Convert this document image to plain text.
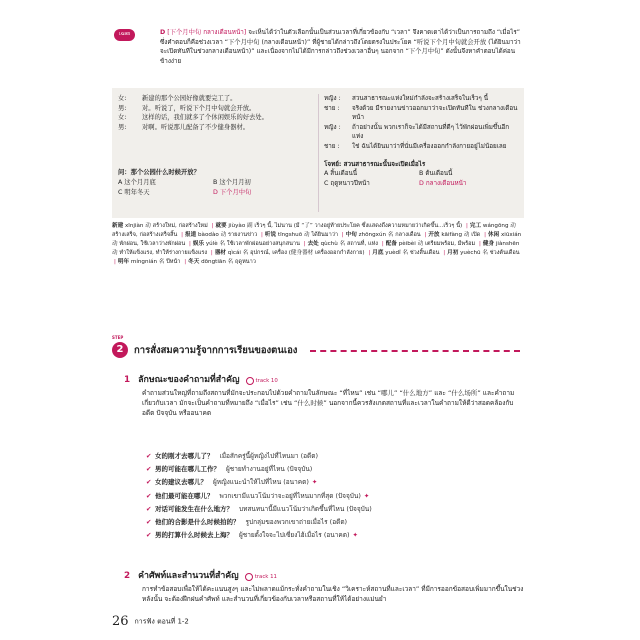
เฉลย	D [下个月中旬 กลางเดือนหน้า] จะเห็นได้ว่าในตัวเลือกนั้นเป็นส่วนเวลาที่เกี่ยวข้องกับ “เวลา” จึงคาดเดาได้ว่าเป็นการถามถึง “เมื่อไร” ซึ่งคำตอบก็คือช่วงเวลา “下个月中旬 (กลางเดือนหน้า)” ที่ผู้ชายได้กล่าวถึงโดยตรงในประโยค “听说下个月中旬就会开放 (ได้ยินมาว่าจะเปิดทันทีในช่วงกลางเดือนหน้า)” และเนื่องจากไม่ได้มีการกล่าวถึงช่วงเวลาอื่นๆ นอกจาก “下个月中旬” ดังนั้นจึงหาคำตอบได้ค่อนข้างง่าย
女:	新建的那个公园好像就要完工了。
男:	对。听说了，听说下个月中旬就会开放。
女:	这样的话，我们就多了个休闲娱乐的好去处。
男:	对啊。听说那儿配备了不少健身器材。
问：那个公园什么时候开放？
A 这个月月底	B 这个月月初
C 明年冬天	D 下个月中旬
หญิง :	สวนสาธารณะแห่งใหม่กำลังจะสร้างเสร็จในเร็วๆ นี้
ชาย :	จริงด้วย มีรายงานข่าวออกมาว่าจะเปิดทันทีใน ช่วงกลางเดือนหน้า
หญิง :	ถ้าอย่างนั้น พวกเราก็จะได้มีสถานที่ดีๆ ไว้พักผ่อนเพิ่มขึ้นอีกแห่ง
ชาย :	ใช่ ฉันได้ยินมาว่าที่นั่นมีเครื่องออกกำลังกายอยู่ไม่น้อยเลย
โจทย์: สวนสาธารณะนั้นจะเปิดเมื่อไร
A สิ้นเดือนนี้	B ต้นเดือนนี้
C ฤดูหนาวปีหน้า	D กลางเดือนหน้า
新建 xīnjiàn 动 สร้างใหม่, ก่อสร้างใหม่ | 就要 jiùyào 副 เร็วๆ นี้, ไม่นาน (มี “了” วางอยู่ท้ายประโยค ซึ่งแสดงถึงความหมายว่าเกิดขึ้น...เร็วๆ นี้) | 完工 wángōng 动 สร้างเสร็จ, ก่อสร้างเสร็จสิ้น | 报道 bàodào 动 รายงานข่าว | 听说 tīngshuō 动 ได้ยินมาว่า | 中旬 zhōngxún 名 กลางเดือน | 开放 kāifàng 动 เปิด | 休闲 xiūxián 动 พักผ่อน, ใช้เวลาว่างพักผ่อน | 娱乐 yúlè 名 ใช้เวลาพักผ่อนอย่างสนุกสนาน | 去处 qùchù 名 สถานที่, แห่ง | 配备 pèibèi 动 เตรียมพร้อม, มีพร้อม | 健身 jiànshēn 动 ทำให้แข็งแรง, ทำให้ร่างกายแข็งแรง | 器材 qìcái 名 อุปกรณ์, เครื่อง (健身器材 เครื่องออกกำลังกาย) | 月底 yuèdǐ 名 ช่วงสิ้นเดือน | 月初 yuèchū 名 ช่วงต้นเดือน | 明年 míngnián 名 ปีหน้า | 冬天 dōngtiān 名 ฤดูหนาว
STEP
2	การสั่งสมความรู้จากการเรียนของตนเอง
1 ลักษณะของคำถามที่สำคัญ	track 10
คำถามส่วนใหญ่ที่ถามถึงสถานที่มักจะประกอบไปด้วยคำถามในลักษณะ “ที่ไหน” เช่น “哪儿” “什么地方” และ “什么场所” และคำถามเกี่ยวกับเวลา มักจะเป็นคำถามที่หมายถึง “เมื่อไร” เช่น “什么时候” นอกจากนี้ควรสังเกตสถานที่และเวลาในคำถามให้ดีว่าสอดคล้องกับอดีต ปัจจุบัน หรืออนาคต
✔ 女的刚才去哪儿了？ เมื่อสักครู่นี้ผู้หญิงไปที่ไหนมา (อดีต)
✔ 男的可能在哪儿工作？ ผู้ชายทำงานอยู่ที่ไหน (ปัจจุบัน)
✔ 女的建议去哪儿？ ผู้หญิงแนะนำให้ไปที่ไหน (อนาคต) ✦
✔ 他们最可能在哪儿？ พวกเขามีแนวโน้มว่าจะอยู่ที่ไหนมากที่สุด (ปัจจุบัน) ✦
✔ 对话可能发生在什么地方？ บทสนทนานี้มีแนวโน้มว่าเกิดขึ้นที่ไหน (ปัจจุบัน)
✔ 他们的合影是什么时候拍的？ รูปกลุ่มของพวกเขาถ่ายเมื่อไร (อดีต)
✔ 男的打算什么时候去上海？ ผู้ชายตั้งใจจะไปเซี่ยงไฮ้เมื่อไร (อนาคต) ✦
2 คำศัพท์และสำนวนที่สำคัญ	track 11
การทำข้อสอบเพื่อให้ได้คะแนนสูงๆ และไม่พลาดแม้กระทั่งคำถามในเชิง “วิเคราะห์สถานที่และเวลา” ที่มีการออกข้อสอบเพิ่มมากขึ้นในช่วงหลังนั้น จะต้องฝึกฝนคำศัพท์ และสำนวนที่เกี่ยวข้องกับเวลาหรือสถานที่ให้ได้อย่างแม่นยำ
26 การฟัง ตอนที่ 1-2
